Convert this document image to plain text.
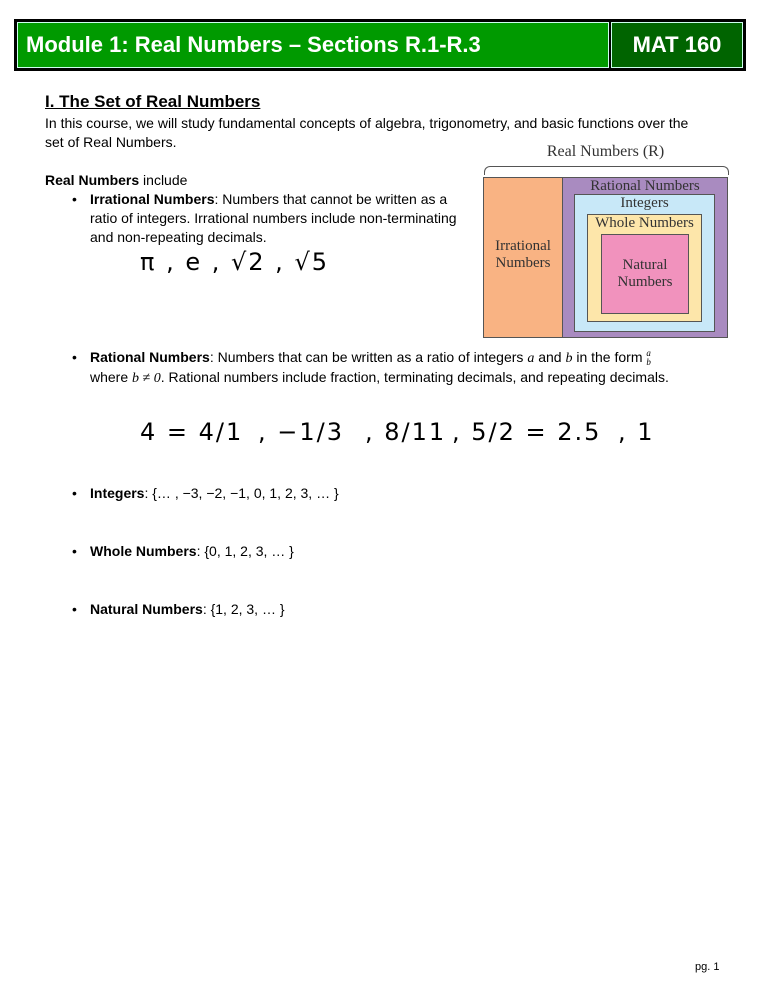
Module 1: Real Numbers – Sections R.1-R.3	MAT 160
I. The Set of Real Numbers
In this course, we will study fundamental concepts of algebra, trigonometry, and basic functions over the set of Real Numbers.
Real Numbers include
• Irrational Numbers: Numbers that cannot be written as a ratio of integers. Irrational numbers include non-terminating and non-repeating decimals.
π , e , √2 , √5
• Rational Numbers: Numbers that can be written as a ratio of integers a and b in the form a
b where b ≠ 0. Rational numbers include fraction, terminating decimals, and repeating decimals.
4 = 4/1 , −1/3 , 8/11 , 5/2 = 2.5 , 1
• Integers: {… , −3, −2, −1, 0, 1, 2, 3, … }
• Whole Numbers: {0, 1, 2, 3, … }
• Natural Numbers: {1, 2, 3, … }
Real Numbers (R)
Irrational Numbers
Rational Numbers
Integers
Whole Numbers
Natural Numbers
pg. 1
